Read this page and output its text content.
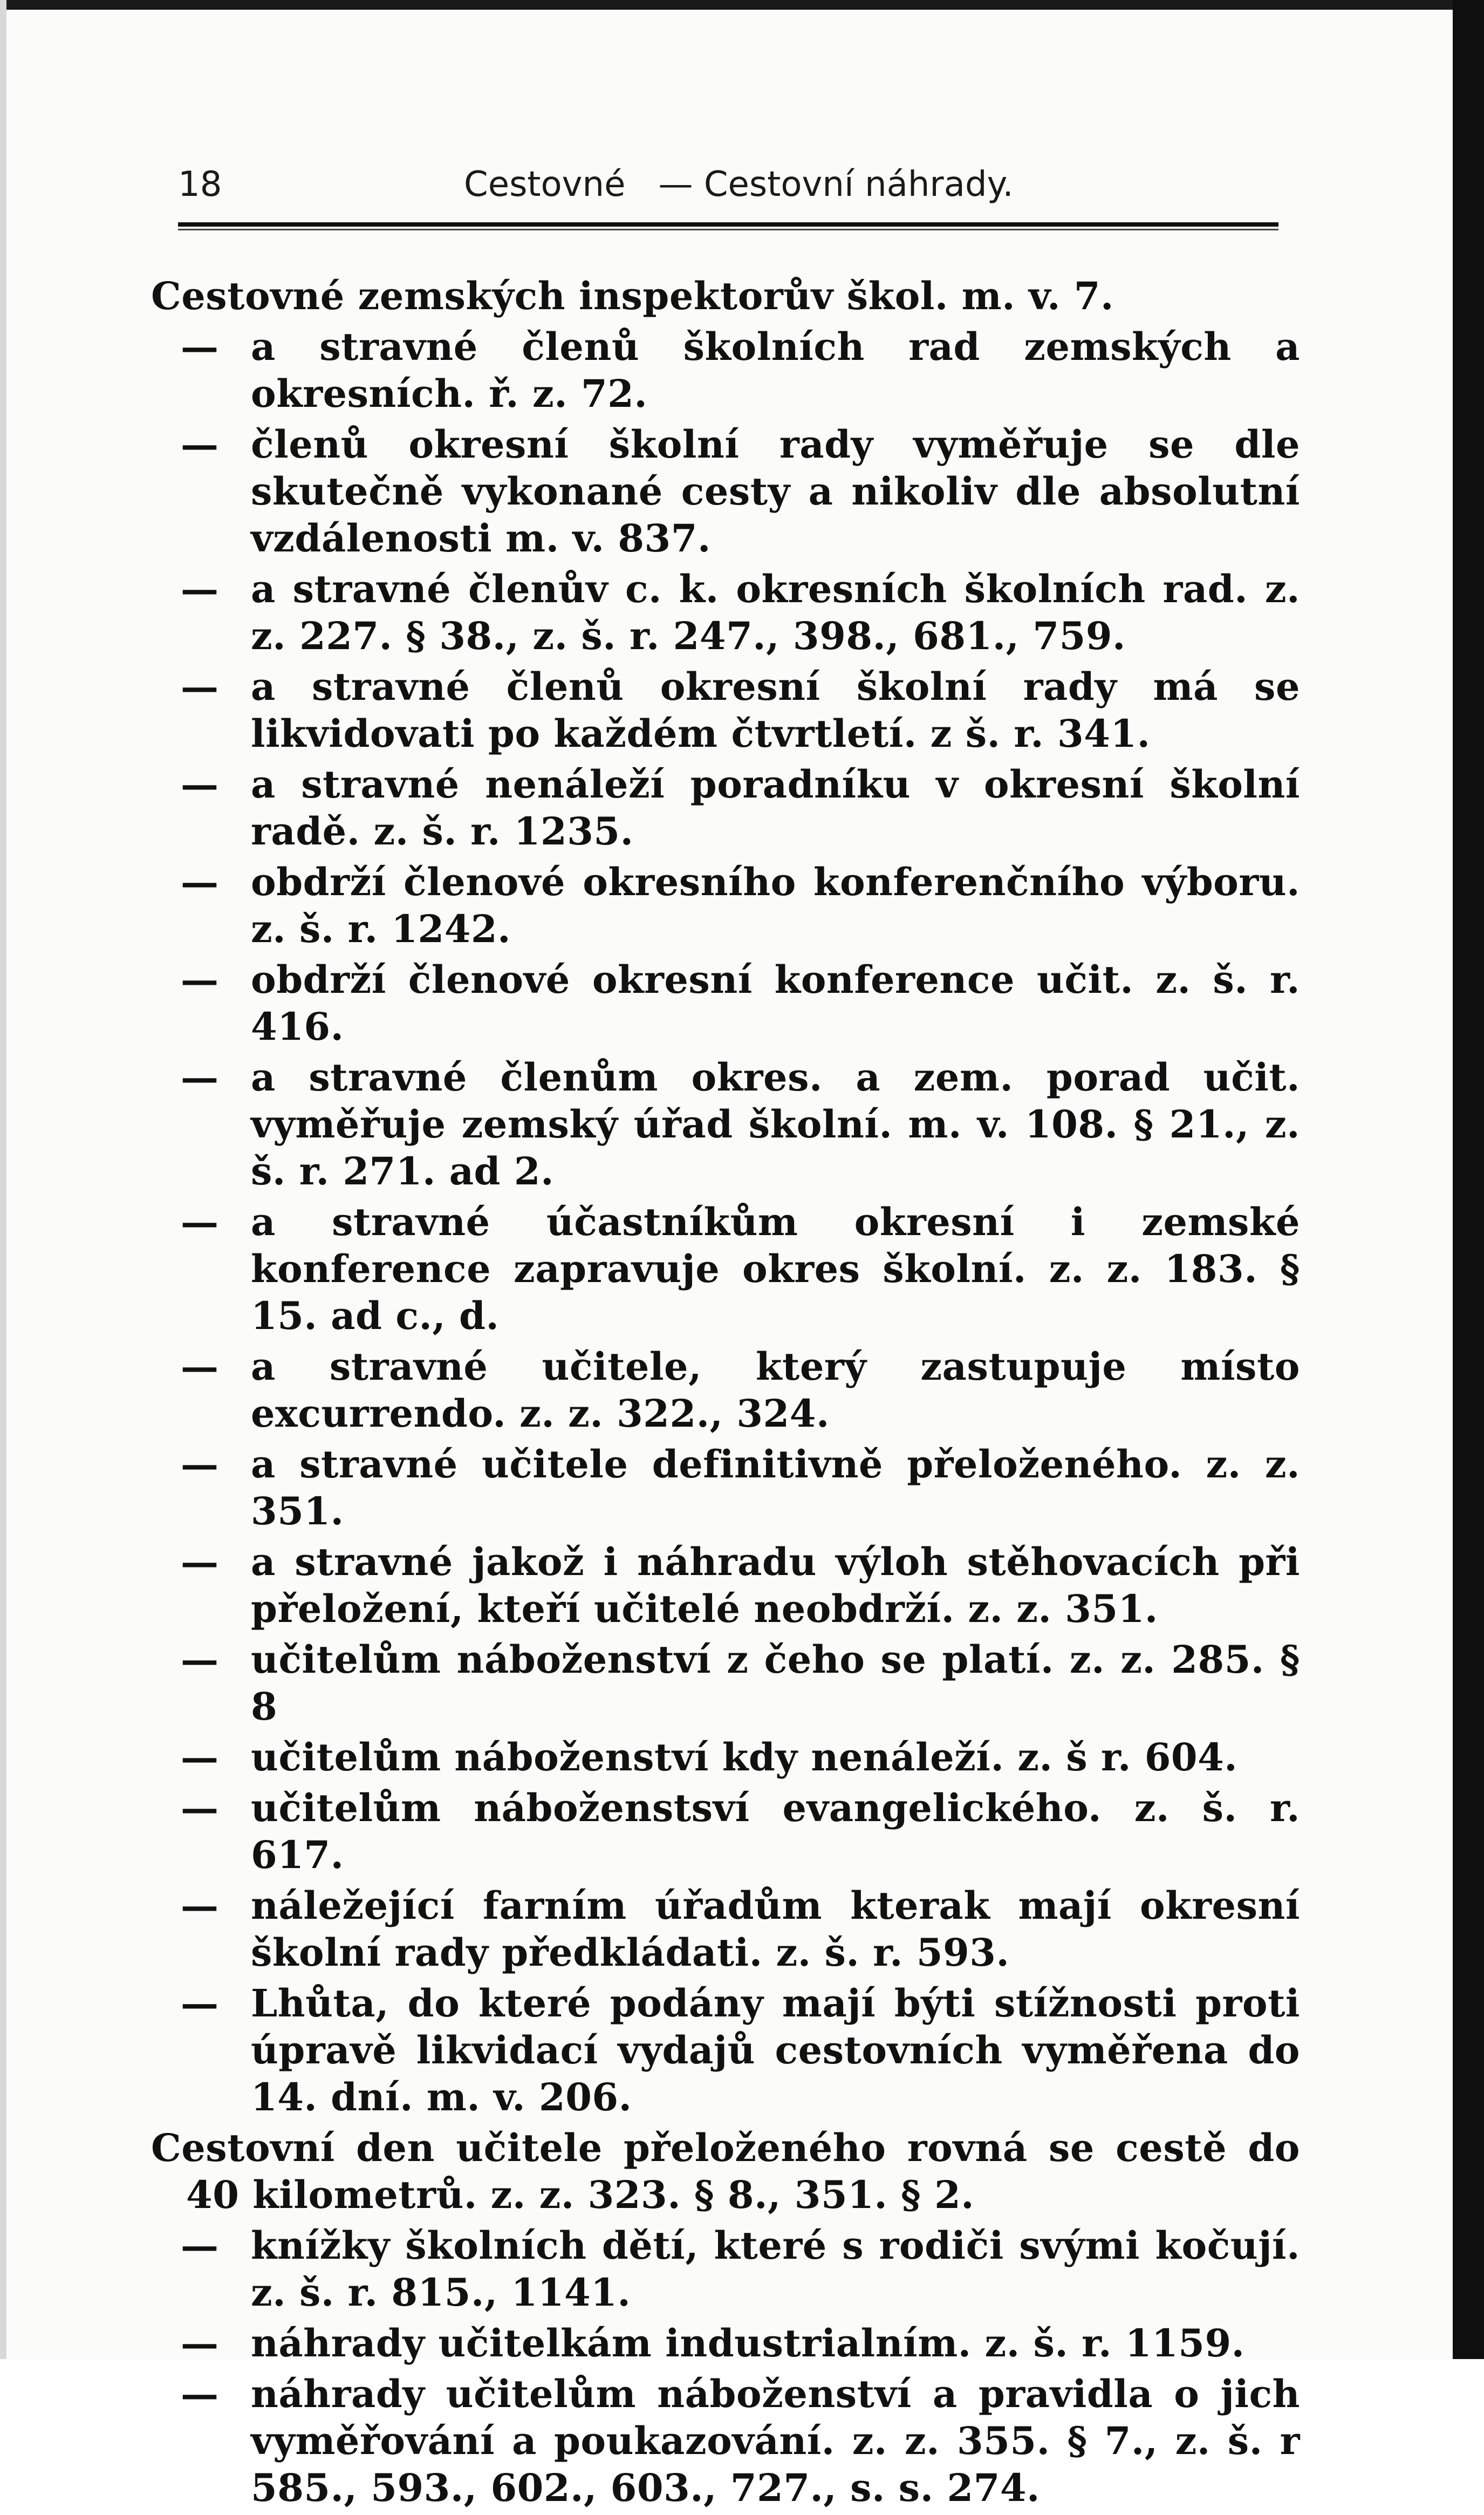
18	Cestovné   — Cestovní náhrady.
Cestovné zemských inspektorův škol. m. v. 7.
— a stravné členů školních rad zemských a okresních. ř. z. 72.
— členů okresní školní rady vyměřuje se dle skutečně vykonané cesty a nikoliv dle absolutní vzdálenosti m. v. 837.
— a stravné členův c. k. okresních školních rad. z. z. 227. § 38., z. š. r. 247., 398., 681., 759.
— a stravné členů okresní školní rady má se likvidovati po každém čtvrtletí. z š. r. 341.
— a stravné nenáleží poradníku v okresní školní radě. z. š. r. 1235.
— obdrží členové okresního konferenčního výboru. z. š. r. 1242.
— obdrží členové okresní konference učit. z. š. r. 416.
— a stravné členům okres. a zem. porad učit. vyměřuje zemský úřad školní. m. v. 108. § 21., z. š. r. 271. ad 2.
— a stravné účastníkům okresní i zemské konference zapravuje okres školní. z. z. 183. § 15. ad c., d.
— a stravné učitele, který zastupuje místo excurrendo. z. z. 322., 324.
— a stravné učitele definitivně přeloženého. z. z. 351.
— a stravné jakož i náhradu výloh stěhovacích při přeložení, kteří učitelé neobdrží. z. z. 351.
— učitelům náboženství z čeho se platí. z. z. 285. § 8
— učitelům náboženství kdy nenáleží. z. š r. 604.
— učitelům náboženstsví evangelického. z. š. r. 617.
— náležející farním úřadům kterak mají okresní školní rady předkládati. z. š. r. 593.
— Lhůta, do které podány mají býti stížnosti proti úpravě likvidací vydajů cestovních vyměřena do 14. dní. m. v. 206.
Cestovní den učitele přeloženého rovná se cestě do 40 kilometrů. z. z. 323. § 8., 351. § 2.
— knížky školních dětí, které s rodiči svými kočují. z. š. r. 815., 1141.
— náhrady učitelkám industrialním. z. š. r. 1159.
— náhrady učitelům náboženství a pravidla o jich vyměřování a poukazování. z. z. 355. § 7., z. š. r 585., 593., 602., 603., 727., s. s. 274.
